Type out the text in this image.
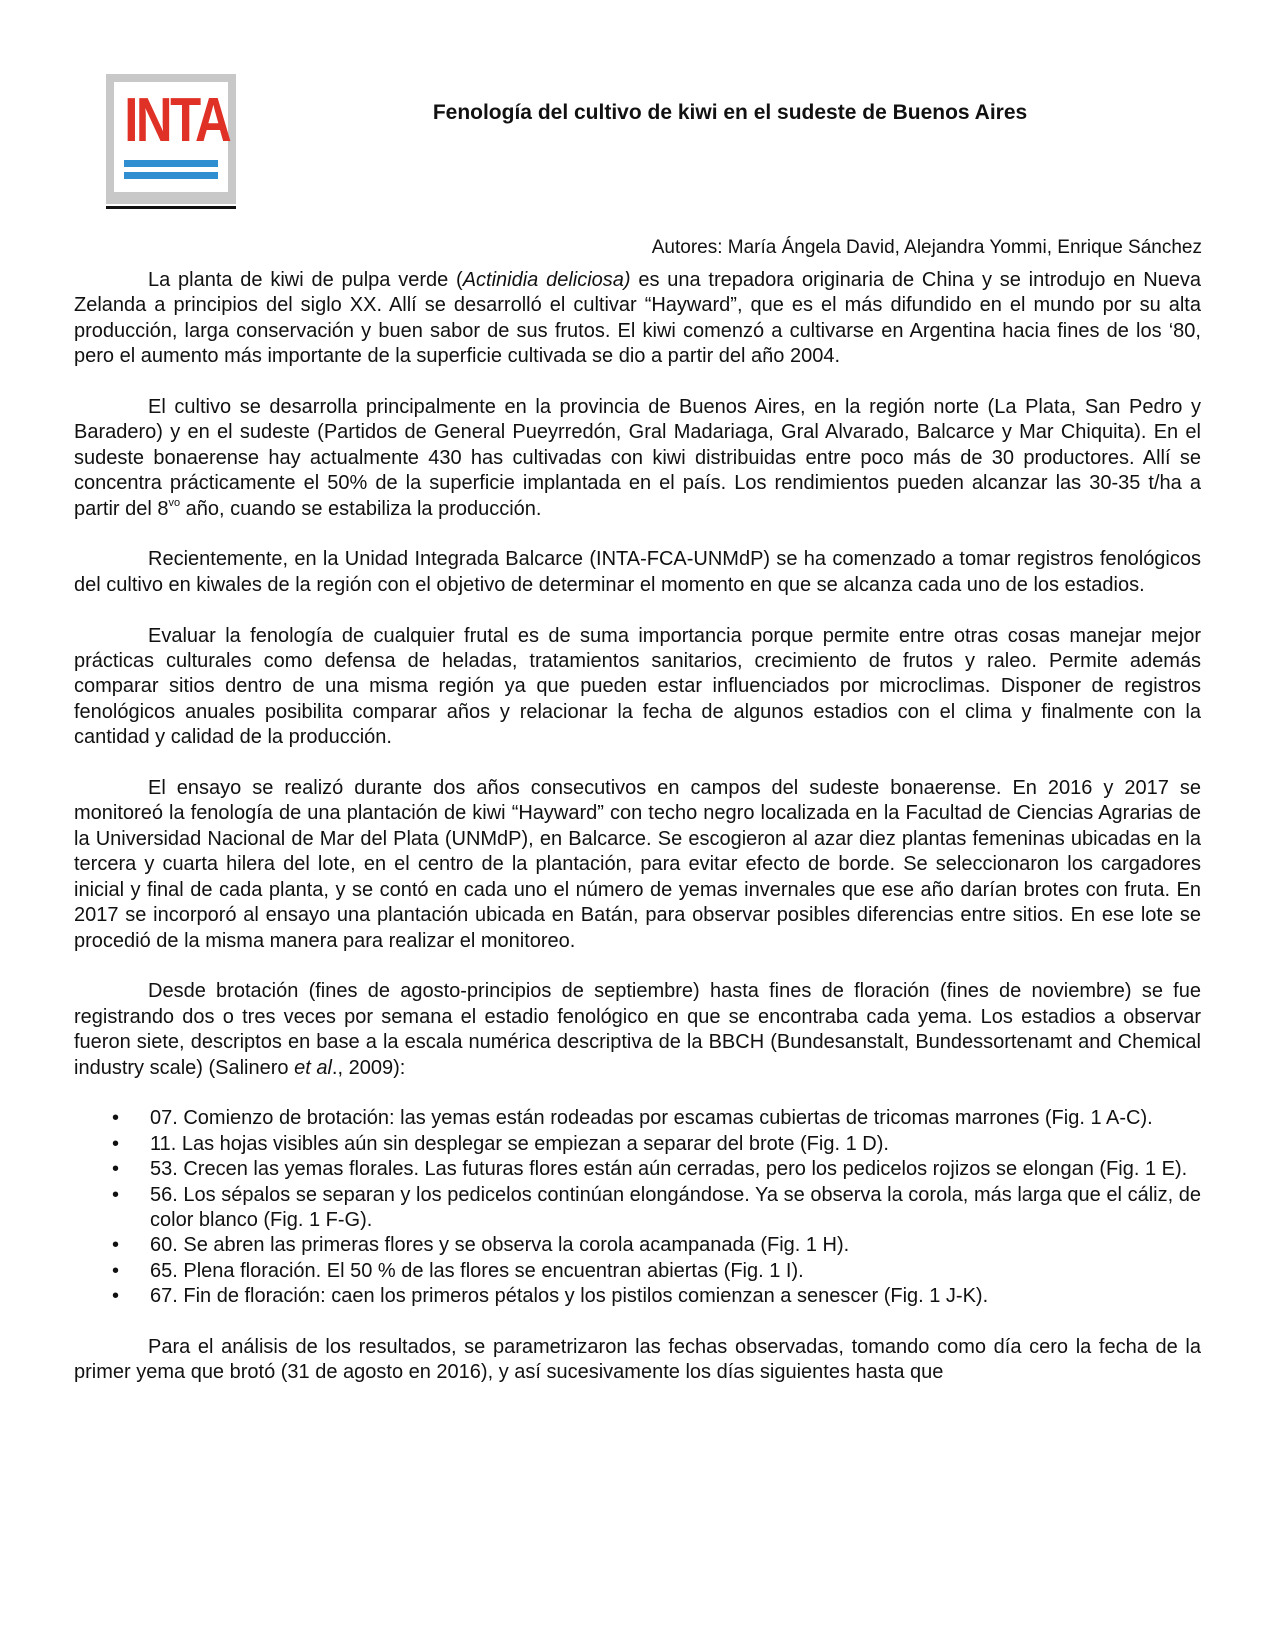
INTA	Fenología del cultivo de kiwi en el sudeste de Buenos Aires
Autores: María Ángela David, Alejandra Yommi, Enrique Sánchez

La planta de kiwi de pulpa verde (Actinidia deliciosa) es una trepadora originaria de China y se introdujo en Nueva Zelanda a principios del siglo XX. Allí se desarrolló el cultivar “Hayward”, que es el más difundido en el mundo por su alta producción, larga conservación y buen sabor de sus frutos. El kiwi comenzó a cultivarse en Argentina hacia fines de los ‘80, pero el aumento más importante de la superficie cultivada se dio a partir del año 2004.

El cultivo se desarrolla principalmente en la provincia de Buenos Aires, en la región norte (La Plata, San Pedro y Baradero) y en el sudeste (Partidos de General Pueyrredón, Gral Madariaga, Gral Alvarado, Balcarce y Mar Chiquita). En el sudeste bonaerense hay actualmente 430 has cultivadas con kiwi distribuidas entre poco más de 30 productores. Allí se concentra prácticamente el 50% de la superficie implantada en el país. Los rendimientos pueden alcanzar las 30-35 t/ha a partir del $8^{vo}$ año, cuando se estabiliza la producción.

Recientemente, en la Unidad Integrada Balcarce (INTA-FCA-UNMdP) se ha comenzado a tomar registros fenológicos del cultivo en kiwales de la región con el objetivo de determinar el momento en que se alcanza cada uno de los estadios.

Evaluar la fenología de cualquier frutal es de suma importancia porque permite entre otras cosas manejar mejor prácticas culturales como defensa de heladas, tratamientos sanitarios, crecimiento de frutos y raleo. Permite además comparar sitios dentro de una misma región ya que pueden estar influenciados por microclimas. Disponer de registros fenológicos anuales posibilita comparar años y relacionar la fecha de algunos estadios con el clima y finalmente con la cantidad y calidad de la producción.

El ensayo se realizó durante dos años consecutivos en campos del sudeste bonaerense. En 2016 y 2017 se monitoreó la fenología de una plantación de kiwi “Hayward” con techo negro localizada en la Facultad de Ciencias Agrarias de la Universidad Nacional de Mar del Plata (UNMdP), en Balcarce. Se escogieron al azar diez plantas femeninas ubicadas en la tercera y cuarta hilera del lote, en el centro de la plantación, para evitar efecto de borde. Se seleccionaron los cargadores inicial y final de cada planta, y se contó en cada uno el número de yemas invernales que ese año darían brotes con fruta. En 2017 se incorporó al ensayo una plantación ubicada en Batán, para observar posibles diferencias entre sitios. En ese lote se procedió de la misma manera para realizar el monitoreo.

Desde brotación (fines de agosto-principios de septiembre) hasta fines de floración (fines de noviembre) se fue registrando dos o tres veces por semana el estadio fenológico en que se encontraba cada yema. Los estadios a observar fueron siete, descriptos en base a la escala numérica descriptiva de la BBCH (Bundesanstalt, Bundessortenamt and Chemical industry scale) (Salinero et al., 2009):

• 07. Comienzo de brotación: las yemas están rodeadas por escamas cubiertas de tricomas marrones (Fig. 1 A-C).
• 11. Las hojas visibles aún sin desplegar se empiezan a separar del brote (Fig. 1 D).
• 53. Crecen las yemas florales. Las futuras flores están aún cerradas, pero los pedicelos rojizos se elongan (Fig. 1 E).
• 56. Los sépalos se separan y los pedicelos continúan elongándose. Ya se observa la corola, más larga que el cáliz, de color blanco (Fig. 1 F-G).
• 60. Se abren las primeras flores y se observa la corola acampanada (Fig. 1 H).
• 65. Plena floración. El 50 % de las flores se encuentran abiertas (Fig. 1 I).
• 67. Fin de floración: caen los primeros pétalos y los pistilos comienzan a senescer (Fig. 1 J-K).

Para el análisis de los resultados, se parametrizaron las fechas observadas, tomando como día cero la fecha de la primer yema que brotó (31 de agosto en 2016), y así sucesivamente los días siguientes hasta que
